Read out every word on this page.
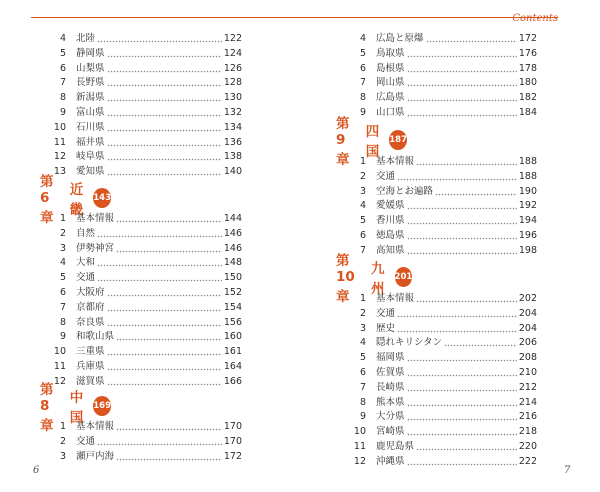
Contents
4 北陸	122
5 静岡県	124
6 山梨県	126
7 長野県	128
8 新潟県	130
9 富山県	132
10 石川県	134
11 福井県	136
12 岐阜県	138
13 愛知県	140
第6章
近畿
143
1 基本情報	144
2 自然	146
3 伊勢神宮	146
4 大和	148
5 交通	150
6 大阪府	152
7 京都府	154
8 奈良県	156
9 和歌山県	160
10 三重県	161
11 兵庫県	164
12 滋賀県	166
第8章
中国
169
1 基本情報	170
2 交通	170
3 瀬戸内海	172
4 広島と原爆	172
5 鳥取県	176
6 島根県	178
7 岡山県	180
8 広島県	182
9 山口県	184
第9章
四国
187
1 基本情報	188
2 交通	188
3 空海とお遍路	190
4 愛媛県	192
5 香川県	194
6 徳島県	196
7 高知県	198
第10章
九州
201
1 基本情報	202
2 交通	204
3 歴史	204
4 隠れキリシタン	206
5 福岡県	208
6 佐賀県	210
7 長崎県	212
8 熊本県	214
9 大分県	216
10 宮崎県	218
11 鹿児島県	220
12 沖縄県	222
6	7
